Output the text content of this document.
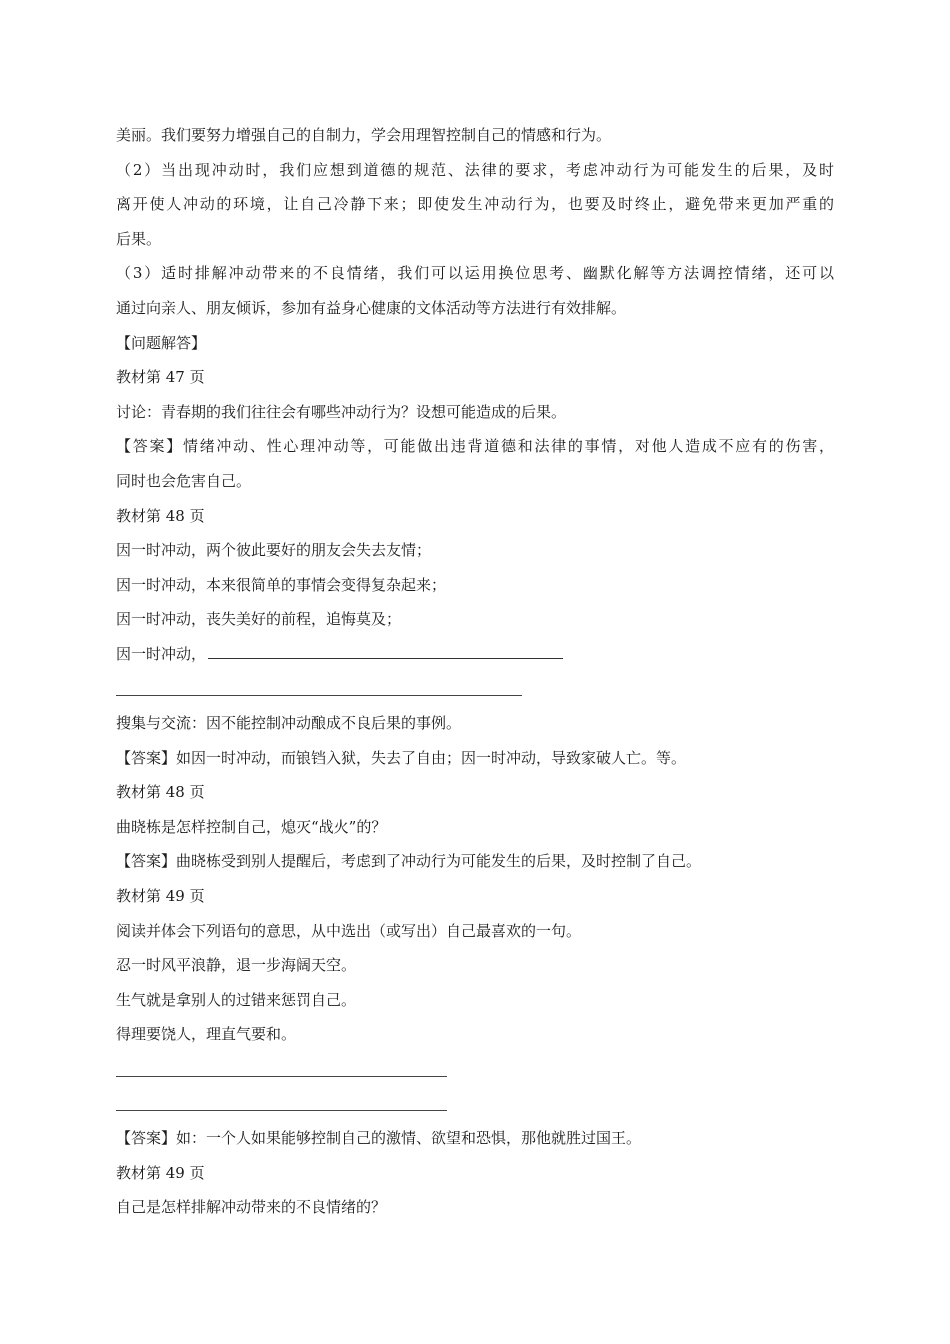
美丽。我们要努力增强自己的自制力，学会用理智控制自己的情感和行为。
（2）当出现冲动时，我们应想到道德的规范、法律的要求，考虑冲动行为可能发生的后果，及时
离开使人冲动的环境，让自己冷静下来；即使发生冲动行为，也要及时终止，避免带来更加严重的
后果。
（3）适时排解冲动带来的不良情绪，我们可以运用换位思考、幽默化解等方法调控情绪，还可以
通过向亲人、朋友倾诉，参加有益身心健康的文体活动等方法进行有效排解。
【问题解答】
教材第 47 页
讨论：青春期的我们往往会有哪些冲动行为？设想可能造成的后果。
【答案】情绪冲动、性心理冲动等，可能做出违背道德和法律的事情，对他人造成不应有的伤害，
同时也会危害自己。
教材第 48 页
因一时冲动，两个彼此要好的朋友会失去友情；
因一时冲动，本来很简单的事情会变得复杂起来；
因一时冲动，丧失美好的前程，追悔莫及；
因一时冲动，
搜集与交流：因不能控制冲动酿成不良后果的事例。
【答案】如因一时冲动，而锒铛入狱，失去了自由；因一时冲动，导致家破人亡。等。
教材第 48 页
曲晓栋是怎样控制自己，熄灭“战火”的？
【答案】曲晓栋受到别人提醒后，考虑到了冲动行为可能发生的后果，及时控制了自己。
教材第 49 页
阅读并体会下列语句的意思，从中选出（或写出）自己最喜欢的一句。
忍一时风平浪静，退一步海阔天空。
生气就是拿别人的过错来惩罚自己。
得理要饶人，理直气要和。
【答案】如：一个人如果能够控制自己的激情、欲望和恐惧，那他就胜过国王。
教材第 49 页
自己是怎样排解冲动带来的不良情绪的？
